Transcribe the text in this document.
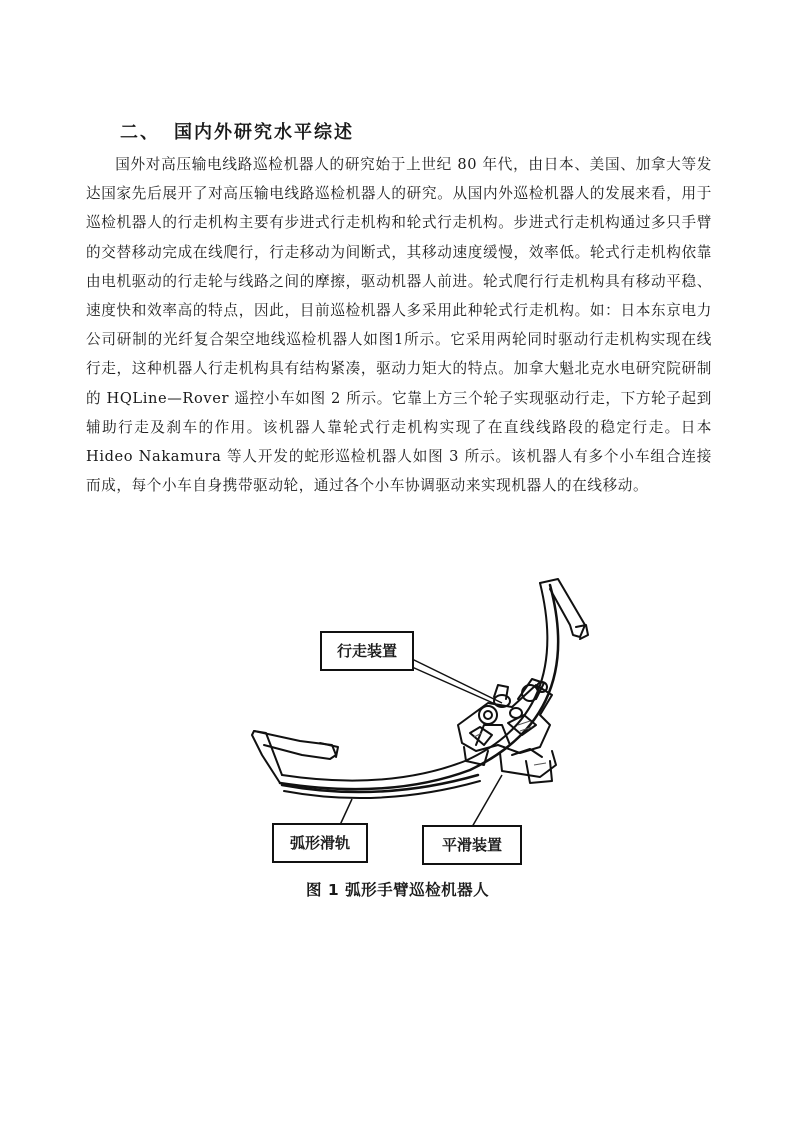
二、 国内外研究水平综述

国外对高压输电线路巡检机器人的研究始于上世纪 80 年代，由日本、美国、加拿大等发达国家先后展开了对高压输电线路巡检机器人的研究。从国内外巡检机器人的发展来看，用于巡检机器人的行走机构主要有步进式行走机构和轮式行走机构。步进式行走机构通过多只手臂的交替移动完成在线爬行，行走移动为间断式，其移动速度缓慢，效率低。轮式行走机构依靠由电机驱动的行走轮与线路之间的摩擦，驱动机器人前进。轮式爬行行走机构具有移动平稳、速度快和效率高的特点，因此，目前巡检机器人多采用此种轮式行走机构。如：日本东京电力公司研制的光纤复合架空地线巡检机器人如图1所示。它采用两轮同时驱动行走机构实现在线行走，这种机器人行走机构具有结构紧凑，驱动力矩大的特点。加拿大魁北克水电研究院研制的 HQLine—Rover 遥控小车如图 2 所示。它靠上方三个轮子实现驱动行走，下方轮子起到辅助行走及刹车的作用。该机器人靠轮式行走机构实现了在直线线路段的稳定行走。日本 Hideo Nakamura 等人开发的蛇形巡检机器人如图 3 所示。该机器人有多个小车组合连接而成，每个小车自身携带驱动轮，通过各个小车协调驱动来实现机器人的在线移动。

行走装置
弧形滑轨	平滑装置

图 1 弧形手臂巡检机器人
